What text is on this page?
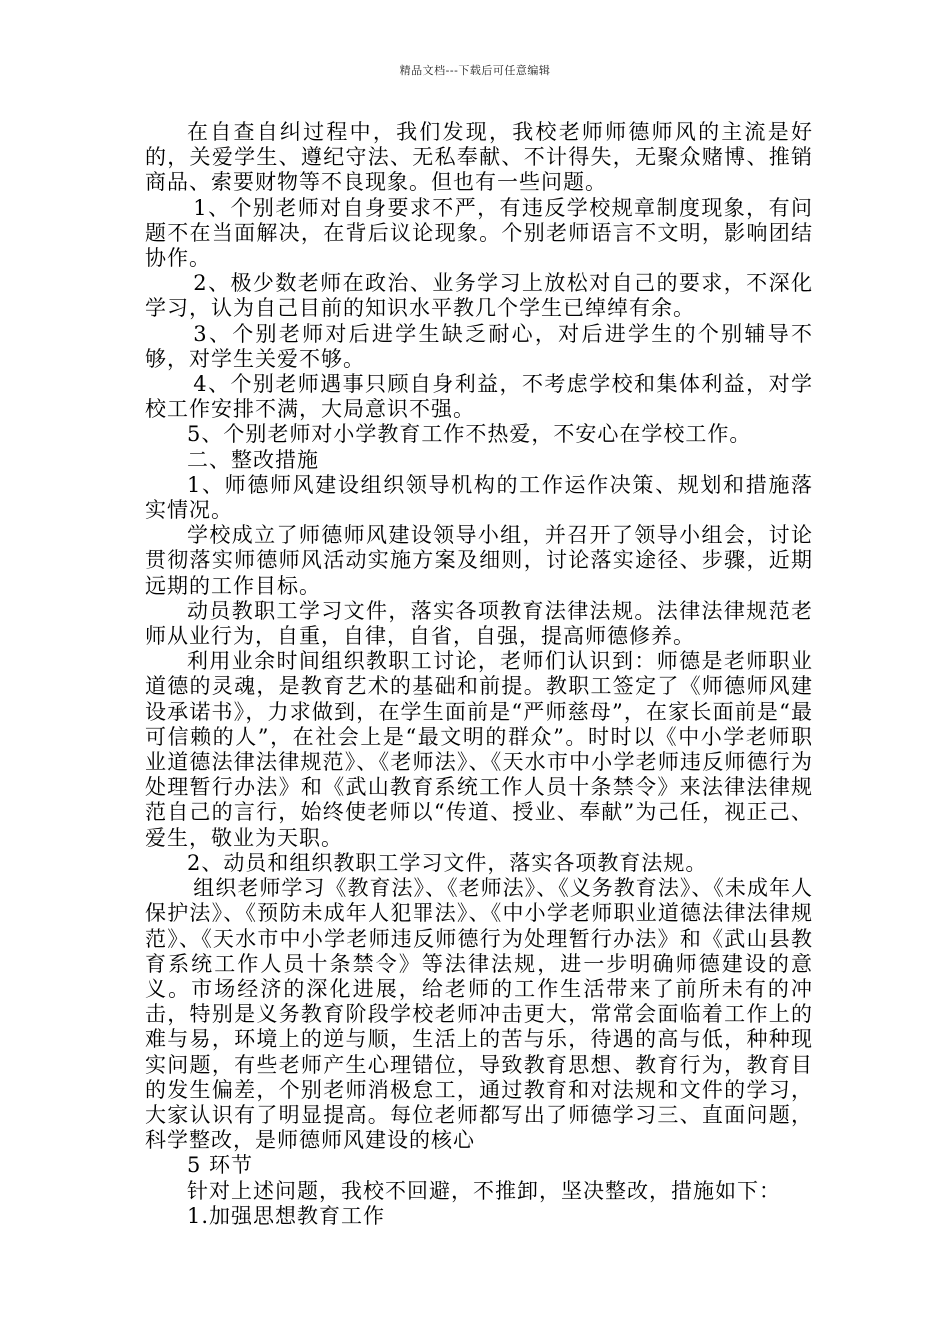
精品文档---下载后可任意编辑

在自查自纠过程中，我们发现，我校老师师德师风的主流是好的，关爱学生、遵纪守法、无私奉献、不计得失，无聚众赌博、推销商品、索要财物等不良现象。但也有一些问题。

1、个别老师对自身要求不严，有违反学校规章制度现象，有问题不在当面解决，在背后议论现象。个别老师语言不文明，影响团结协作。

2、极少数老师在政治、业务学习上放松对自己的要求，不深化学习，认为自己目前的知识水平教几个学生已绰绰有余。

3、个别老师对后进学生缺乏耐心，对后进学生的个别辅导不够，对学生关爱不够。

4、个别老师遇事只顾自身利益，不考虑学校和集体利益，对学校工作安排不满，大局意识不强。

5、个别老师对小学教育工作不热爱，不安心在学校工作。

二、整改措施

1、师德师风建设组织领导机构的工作运作决策、规划和措施落实情况。

学校成立了师德师风建设领导小组，并召开了领导小组会，讨论贯彻落实师德师风活动实施方案及细则，讨论落实途径、步骤，近期远期的工作目标。

动员教职工学习文件，落实各项教育法律法规。法律法律规范老师从业行为，自重，自律，自省，自强，提高师德修养。

利用业余时间组织教职工讨论，老师们认识到：师德是老师职业道德的灵魂，是教育艺术的基础和前提。教职工签定了《师德师风建设承诺书》，力求做到，在学生面前是“严师慈母”，在家长面前是“最可信赖的人”，在社会上是“最文明的群众”。时时以《中小学老师职业道德法律法律规范》、《老师法》、《天水市中小学老师违反师德行为处理暂行办法》和《武山教育系统工作人员十条禁令》来法律法律规范自己的言行，始终使老师以“传道、授业、奉献”为己任，视正己、爱生，敬业为天职。

2、动员和组织教职工学习文件，落实各项教育法规。

组织老师学习《教育法》、《老师法》、《义务教育法》、《未成年人保护法》、《预防未成年人犯罪法》、《中小学老师职业道德法律法律规范》、《天水市中小学老师违反师德行为处理暂行办法》和《武山县教育系统工作人员十条禁令》等法律法规，进一步明确师德建设的意义。市场经济的深化进展，给老师的工作生活带来了前所未有的冲击，特别是义务教育阶段学校老师冲击更大，常常会面临着工作上的难与易，环境上的逆与顺，生活上的苦与乐，待遇的高与低，种种现实问题，有些老师产生心理错位，导致教育思想、教育行为，教育目的发生偏差，个别老师消极怠工，通过教育和对法规和文件的学习，大家认识有了明显提高。每位老师都写出了师德学习三、直面问题，科学整改，是师德师风建设的核心

5 环节

针对上述问题，我校不回避，不推卸，坚决整改，措施如下：

1.加强思想教育工作
